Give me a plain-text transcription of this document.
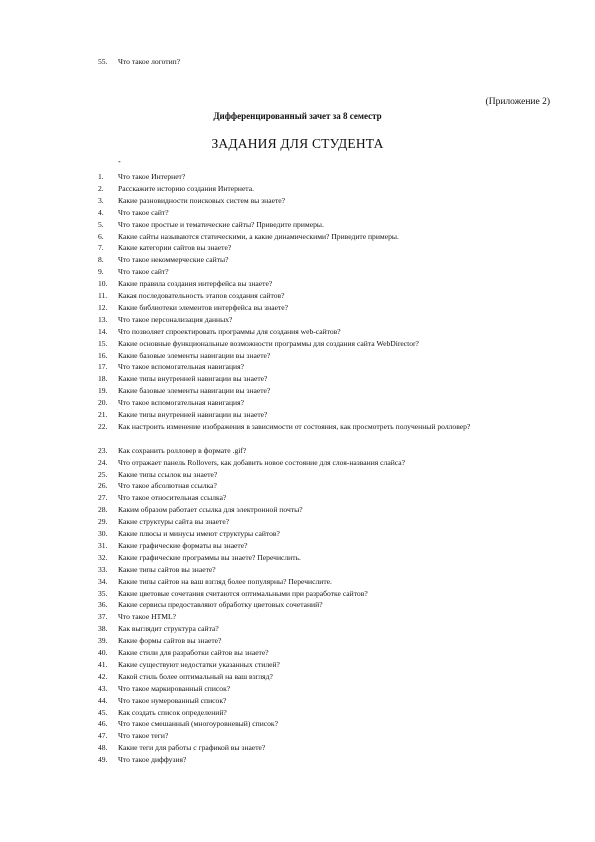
55. Что такое логотип?
(Приложение 2)
Дифференцированный зачет за 8 семестр
ЗАДАНИЯ ДЛЯ СТУДЕНТА
-
1. Что такое Интернет?
2. Расскажите историю создания Интернета.
3. Какие разновидности поисковых систем вы знаете?
4. Что такое сайт?
5. Что такое простые и тематические сайты? Приведите примеры.
6. Какие сайты называются статическими, а какие динамическими? Приведите примеры.
7. Какие категории сайтов вы знаете?
8. Что такое некоммерческие сайты?
9. Что такое сайт?
10. Какие правила создания интерфейса вы знаете?
11. Какая последовательность этапов создания сайтов?
12. Какие библиотеки элементов интерфейса вы знаете?
13. Что такое персонализация данных?
14. Что позволяет спроектировать программы для создания web-сайтов?
15. Какие основные функциональные возможности программы для создания сайта WebDirector?
16. Какие базовые элементы навигации вы знаете?
17. Что такое вспомогательная навигация?
18. Какие типы внутренней навигации вы знаете?
19. Какие базовые элементы навигации вы знаете?
20. Что такое вспомогательная навигация?
21. Какие типы внутренней навигации вы знаете?
22. Как настроить изменение изображения в зависимости от состояния, как просмотреть полученный ролловер?
23. Как сохранить ролловер в формате .gif?
24. Что отражает панель Rollovers, как добавить новое состояние для слоя-названия слайса?
25. Какие типы ссылок вы знаете?
26. Что такое абсолютная ссылка?
27. Что такое относительная ссылка?
28. Каким образом работает ссылка для электронной почты?
29. Какие структуры сайта вы знаете?
30. Какие плюсы и минусы имеют структуры сайтов?
31. Какие графические форматы вы знаете?
32. Какие графические программы вы знаете? Перечислить.
33. Какие типы сайтов вы знаете?
34. Какие типы сайтов на ваш взгляд более популярны? Перечислите.
35. Какие цветовые сочетания считаются оптимальными при разработке сайтов?
36. Какие сервисы предоставляют обработку цветовых сочетаний?
37. Что такое HTML?
38. Как выглядит структура сайта?
39. Какие формы сайтов вы знаете?
40. Какие стили для разработки сайтов вы знаете?
41. Какие существуют недостатки указанных стилей?
42. Какой стиль более оптимальный на ваш взгляд?
43. Что такое маркированный список?
44. Что такое нумерованный список?
45. Как создать список определений?
46. Что такое смешанный (многоуровневый) список?
47. Что такое теги?
48. Какие теги для работы с графикой вы знаете?
49. Что такое диффузия?
